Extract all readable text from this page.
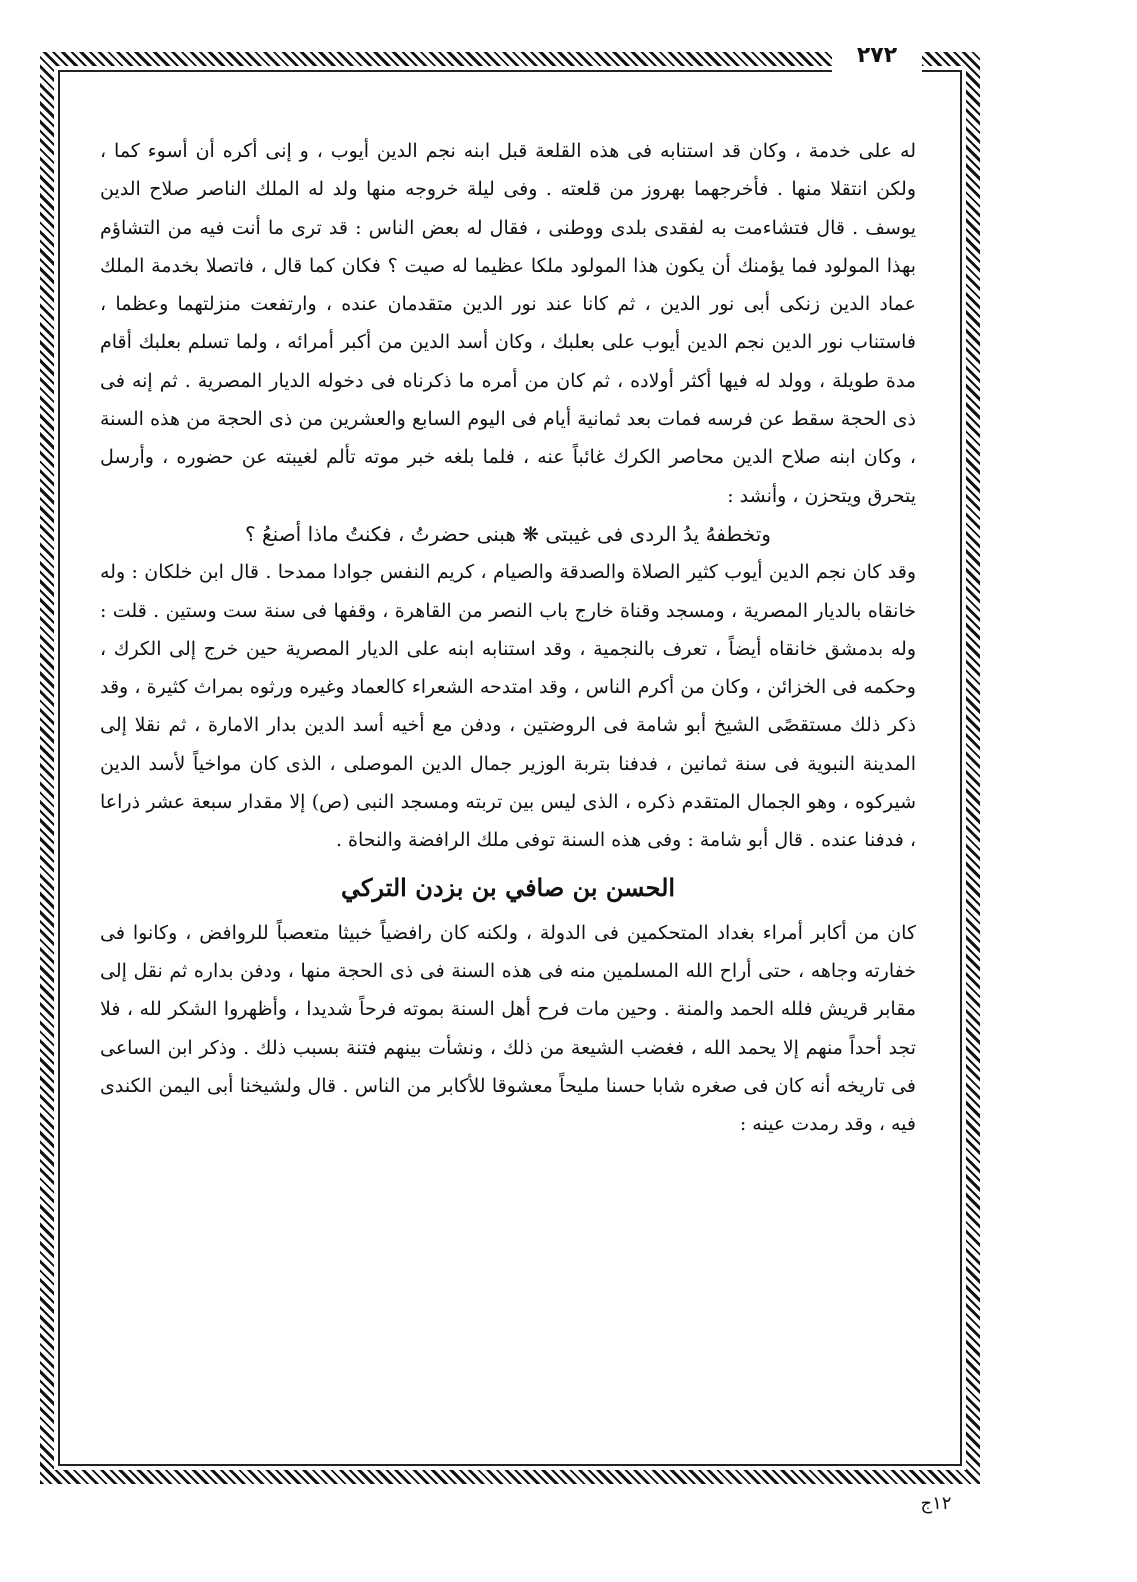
٢٧٢

له على خدمة ، وكان قد استنابه فى هذه القلعة قبل ابنه نجم الدين أيوب ، و إنى أكره أن أسوء كما ، ولكن انتقلا منها . فأخرجهما بهروز من قلعته . وفى ليلة خروجه منها ولد له الملك الناصر صلاح الدين يوسف . قال فتشاءمت به لفقدى بلدى ووطنى ، فقال له بعض الناس : قد ترى ما أنت فيه من التشاؤم بهذا المولود فما يؤمنك أن يكون هذا المولود ملكا عظيما له صيت ؟ فكان كما قال ، فاتصلا بخدمة الملك عماد الدين زنكى أبى نور الدين ، ثم كانا عند نور الدين متقدمان عنده ، وارتفعت منزلتهما وعظما ، فاستناب نور الدين نجم الدين أيوب على بعلبك ، وكان أسد الدين من أكبر أمرائه ، ولما تسلم بعلبك أقام مدة طويلة ، وولد له فيها أكثر أولاده ، ثم كان من أمره ما ذكرناه فى دخوله الديار المصرية . ثم إنه فى ذى الحجة سقط عن فرسه فمات بعد ثمانية أيام فى اليوم السابع والعشرين من ذى الحجة من هذه السنة ، وكان ابنه صلاح الدين محاصر الكرك غائباً عنه ، فلما بلغه خبر موته تألم لغيبته عن حضوره ، وأرسل يتحرق ويتحزن ، وأنشد :

وتخطفهُ يدُ الردى فى غيبتى ❋ هبنى حضرتُ ، فكنتُ ماذا أصنعُ ؟

وقد كان نجم الدين أيوب كثير الصلاة والصدقة والصيام ، كريم النفس جوادا ممدحا . قال ابن خلكان : وله خانقاه بالديار المصرية ، ومسجد وقناة خارج باب النصر من القاهرة ، وقفها فى سنة ست وستين . قلت : وله بدمشق خانقاه أيضاً ، تعرف بالنجمية ، وقد استنابه ابنه على الديار المصرية حين خرج إلى الكرك ، وحكمه فى الخزائن ، وكان من أكرم الناس ، وقد امتدحه الشعراء كالعماد وغيره ورثوه بمراث كثيرة ، وقد ذكر ذلك مستقصًى الشيخ أبو شامة فى الروضتين ، ودفن مع أخيه أسد الدين بدار الامارة ، ثم نقلا إلى المدينة النبوية فى سنة ثمانين ، فدفنا بتربة الوزير جمال الدين الموصلى ، الذى كان مواخياً لأسد الدين شيركوه ، وهو الجمال المتقدم ذكره ، الذى ليس بين تربته ومسجد النبى (ص) إلا مقدار سبعة عشر ذراعا ، فدفنا عنده . قال أبو شامة : وفى هذه السنة توفى ملك الرافضة والنحاة .

الحسن بن صافي بن بزدن التركي

كان من أكابر أمراء بغداد المتحكمين فى الدولة ، ولكنه كان رافضياً خبيثا متعصباً للروافض ، وكانوا فى خفارته وجاهه ، حتى أراح الله المسلمين منه فى هذه السنة فى ذى الحجة منها ، ودفن بداره ثم نقل إلى مقابر قريش فلله الحمد والمنة . وحين مات فرح أهل السنة بموته فرحاً شديدا ، وأظهروا الشكر لله ، فلا تجد أحداً منهم إلا يحمد الله ، فغضب الشيعة من ذلك ، ونشأت بينهم فتنة بسبب ذلك . وذكر ابن الساعى فى تاريخه أنه كان فى صغره شابا حسنا مليحاً معشوقا للأكابر من الناس . قال ولشيخنا أبى اليمن الكندى فيه ، وقد رمدت عينه :

١٢ج
